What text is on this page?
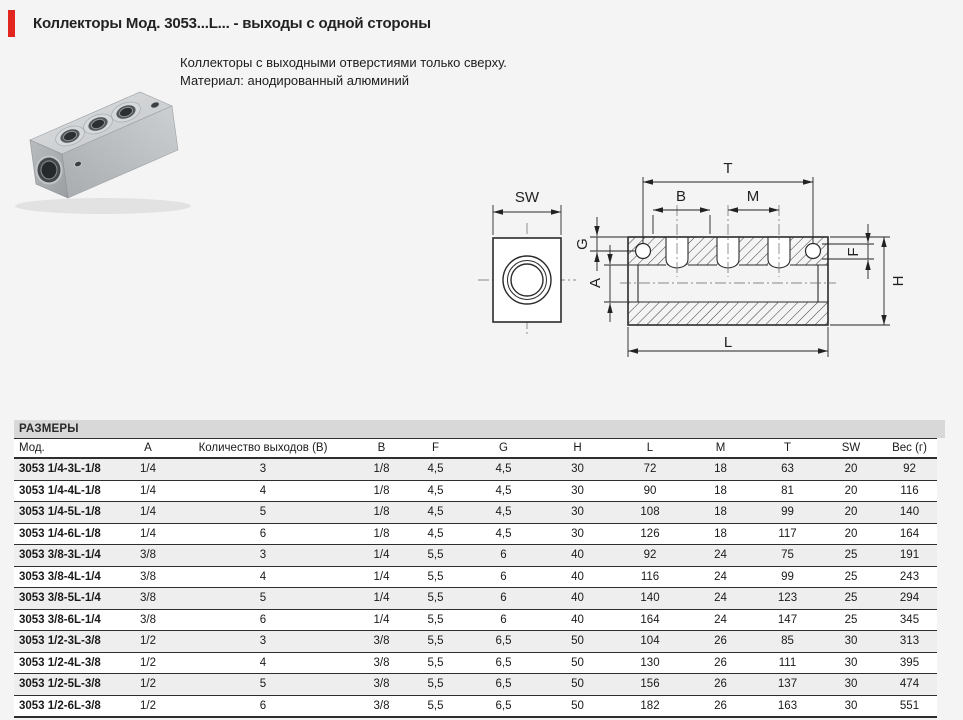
Коллекторы Мод. 3053...L... - выходы с одной стороны
Коллекторы с выходными отверстиями только сверху.
Материал: анодированный алюминий
SW
T
B	M
G
A
F
H
L
РАЗМЕРЫ
Мод.	A	Количество выходов (B)	B	F	G	H	L	M	T	SW	Вес (г)
3053 1/4-3L-1/8	1/4	3	1/8	4,5	4,5	30	72	18	63	20	92
3053 1/4-4L-1/8	1/4	4	1/8	4,5	4,5	30	90	18	81	20	116
3053 1/4-5L-1/8	1/4	5	1/8	4,5	4,5	30	108	18	99	20	140
3053 1/4-6L-1/8	1/4	6	1/8	4,5	4,5	30	126	18	117	20	164
3053 3/8-3L-1/4	3/8	3	1/4	5,5	6	40	92	24	75	25	191
3053 3/8-4L-1/4	3/8	4	1/4	5,5	6	40	116	24	99	25	243
3053 3/8-5L-1/4	3/8	5	1/4	5,5	6	40	140	24	123	25	294
3053 3/8-6L-1/4	3/8	6	1/4	5,5	6	40	164	24	147	25	345
3053 1/2-3L-3/8	1/2	3	3/8	5,5	6,5	50	104	26	85	30	313
3053 1/2-4L-3/8	1/2	4	3/8	5,5	6,5	50	130	26	111	30	395
3053 1/2-5L-3/8	1/2	5	3/8	5,5	6,5	50	156	26	137	30	474
3053 1/2-6L-3/8	1/2	6	3/8	5,5	6,5	50	182	26	163	30	551
